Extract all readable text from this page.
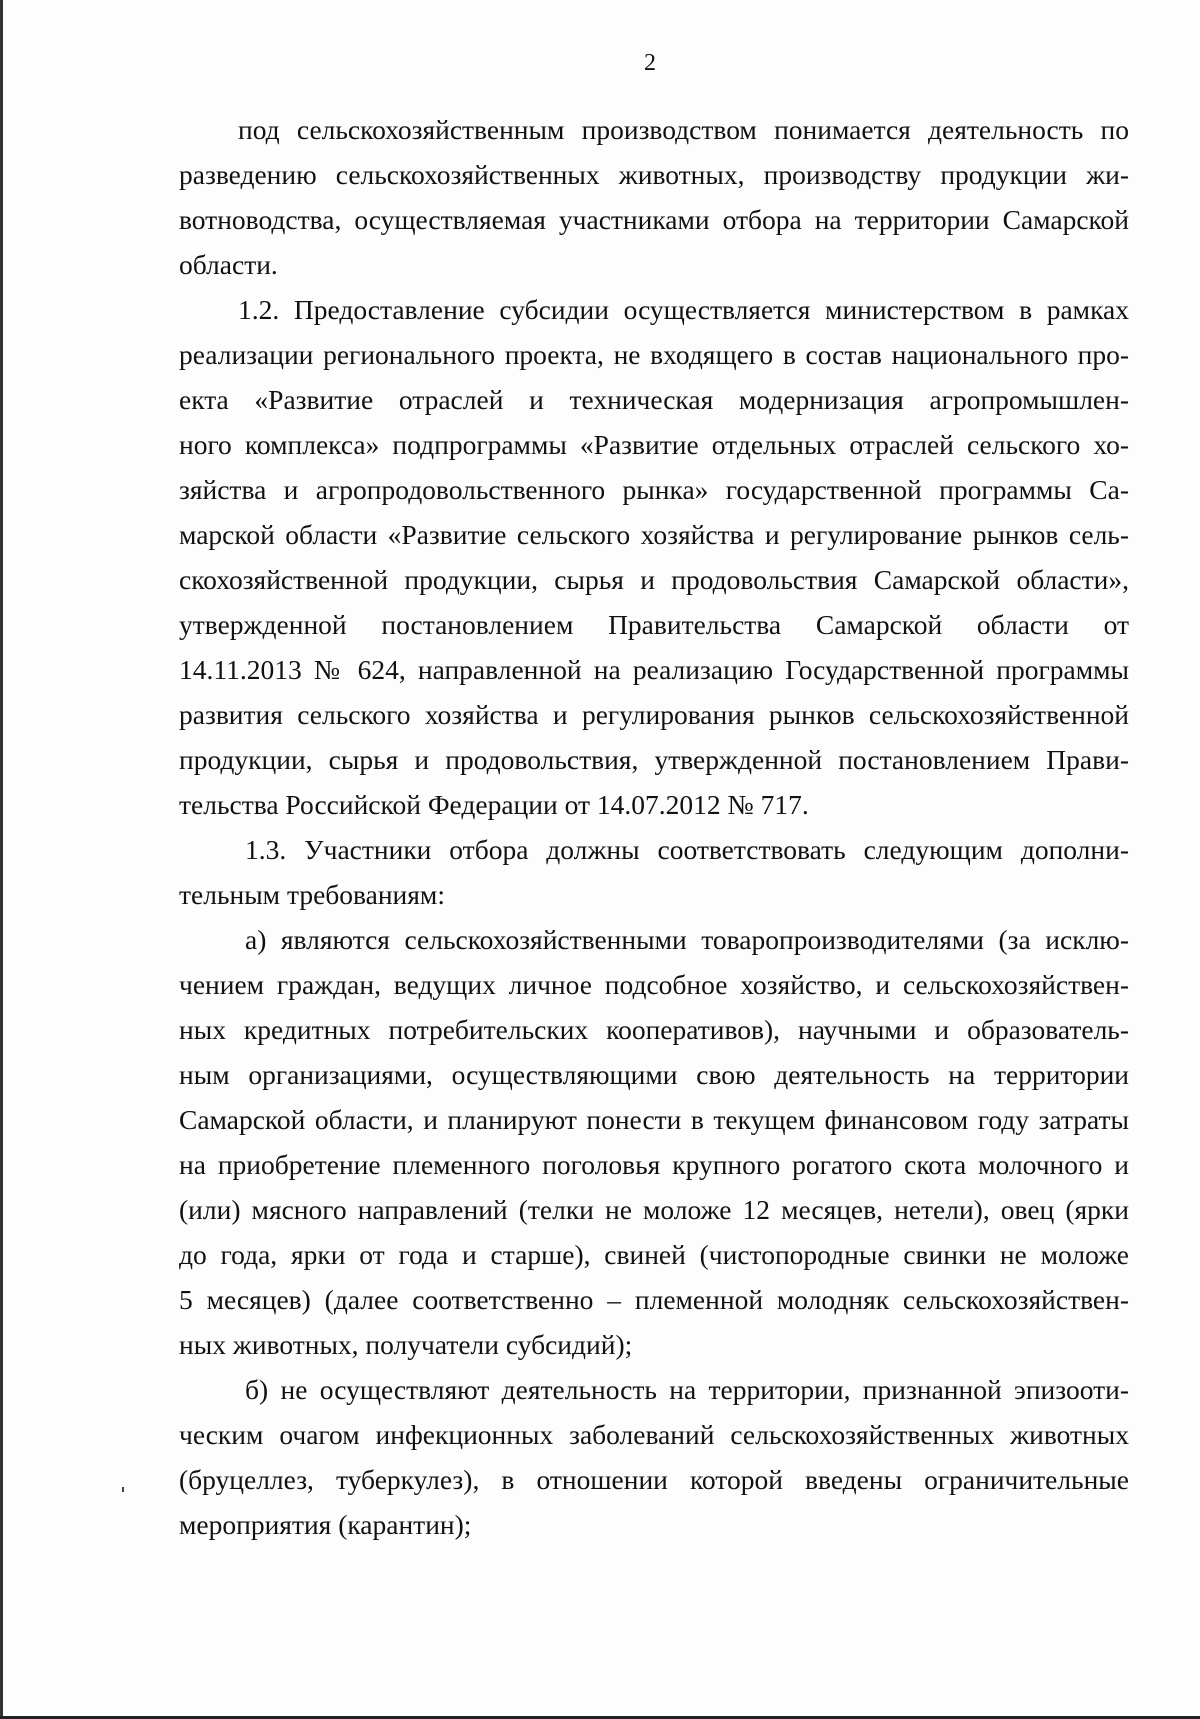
2
под сельскохозяйственным производством понимается деятельность по
разведению сельскохозяйственных животных, производству продукции жи-
вотноводства, осуществляемая участниками отбора на территории Самарской
области.
1.2. Предоставление субсидии осуществляется министерством в рамках
реализации регионального проекта, не входящего в состав национального про-
екта «Развитие отраслей и техническая модернизация агропромышлен-
ного комплекса» подпрограммы «Развитие отдельных отраслей сельского хо-
зяйства и агропродовольственного рынка» государственной программы Са-
марской области «Развитие сельского хозяйства и регулирование рынков сель-
скохозяйственной продукции, сырья и продовольствия Самарской области»,
утвержденной постановлением Правительства Самарской области от
14.11.2013 № 624, направленной на реализацию Государственной программы
развития сельского хозяйства и регулирования рынков сельскохозяйственной
продукции, сырья и продовольствия, утвержденной постановлением Прави-
тельства Российской Федерации от 14.07.2012 № 717.
1.3. Участники отбора должны соответствовать следующим дополни-
тельным требованиям:
а) являются сельскохозяйственными товаропроизводителями (за исклю-
чением граждан, ведущих личное подсобное хозяйство, и сельскохозяйствен-
ных кредитных потребительских кооперативов), научными и образователь-
ным организациями, осуществляющими свою деятельность на территории
Самарской области, и планируют понести в текущем финансовом году затраты
на приобретение племенного поголовья крупного рогатого скота молочного и
(или) мясного направлений (телки не моложе 12 месяцев, нетели), овец (ярки
до года, ярки от года и старше), свиней (чистопородные свинки не моложе
5 месяцев) (далее соответственно – племенной молодняк сельскохозяйствен-
ных животных, получатели субсидий);
б) не осуществляют деятельность на территории, признанной эпизооти-
ческим очагом инфекционных заболеваний сельскохозяйственных животных
(бруцеллез, туберкулез), в отношении которой введены ограничительные
мероприятия (карантин);
